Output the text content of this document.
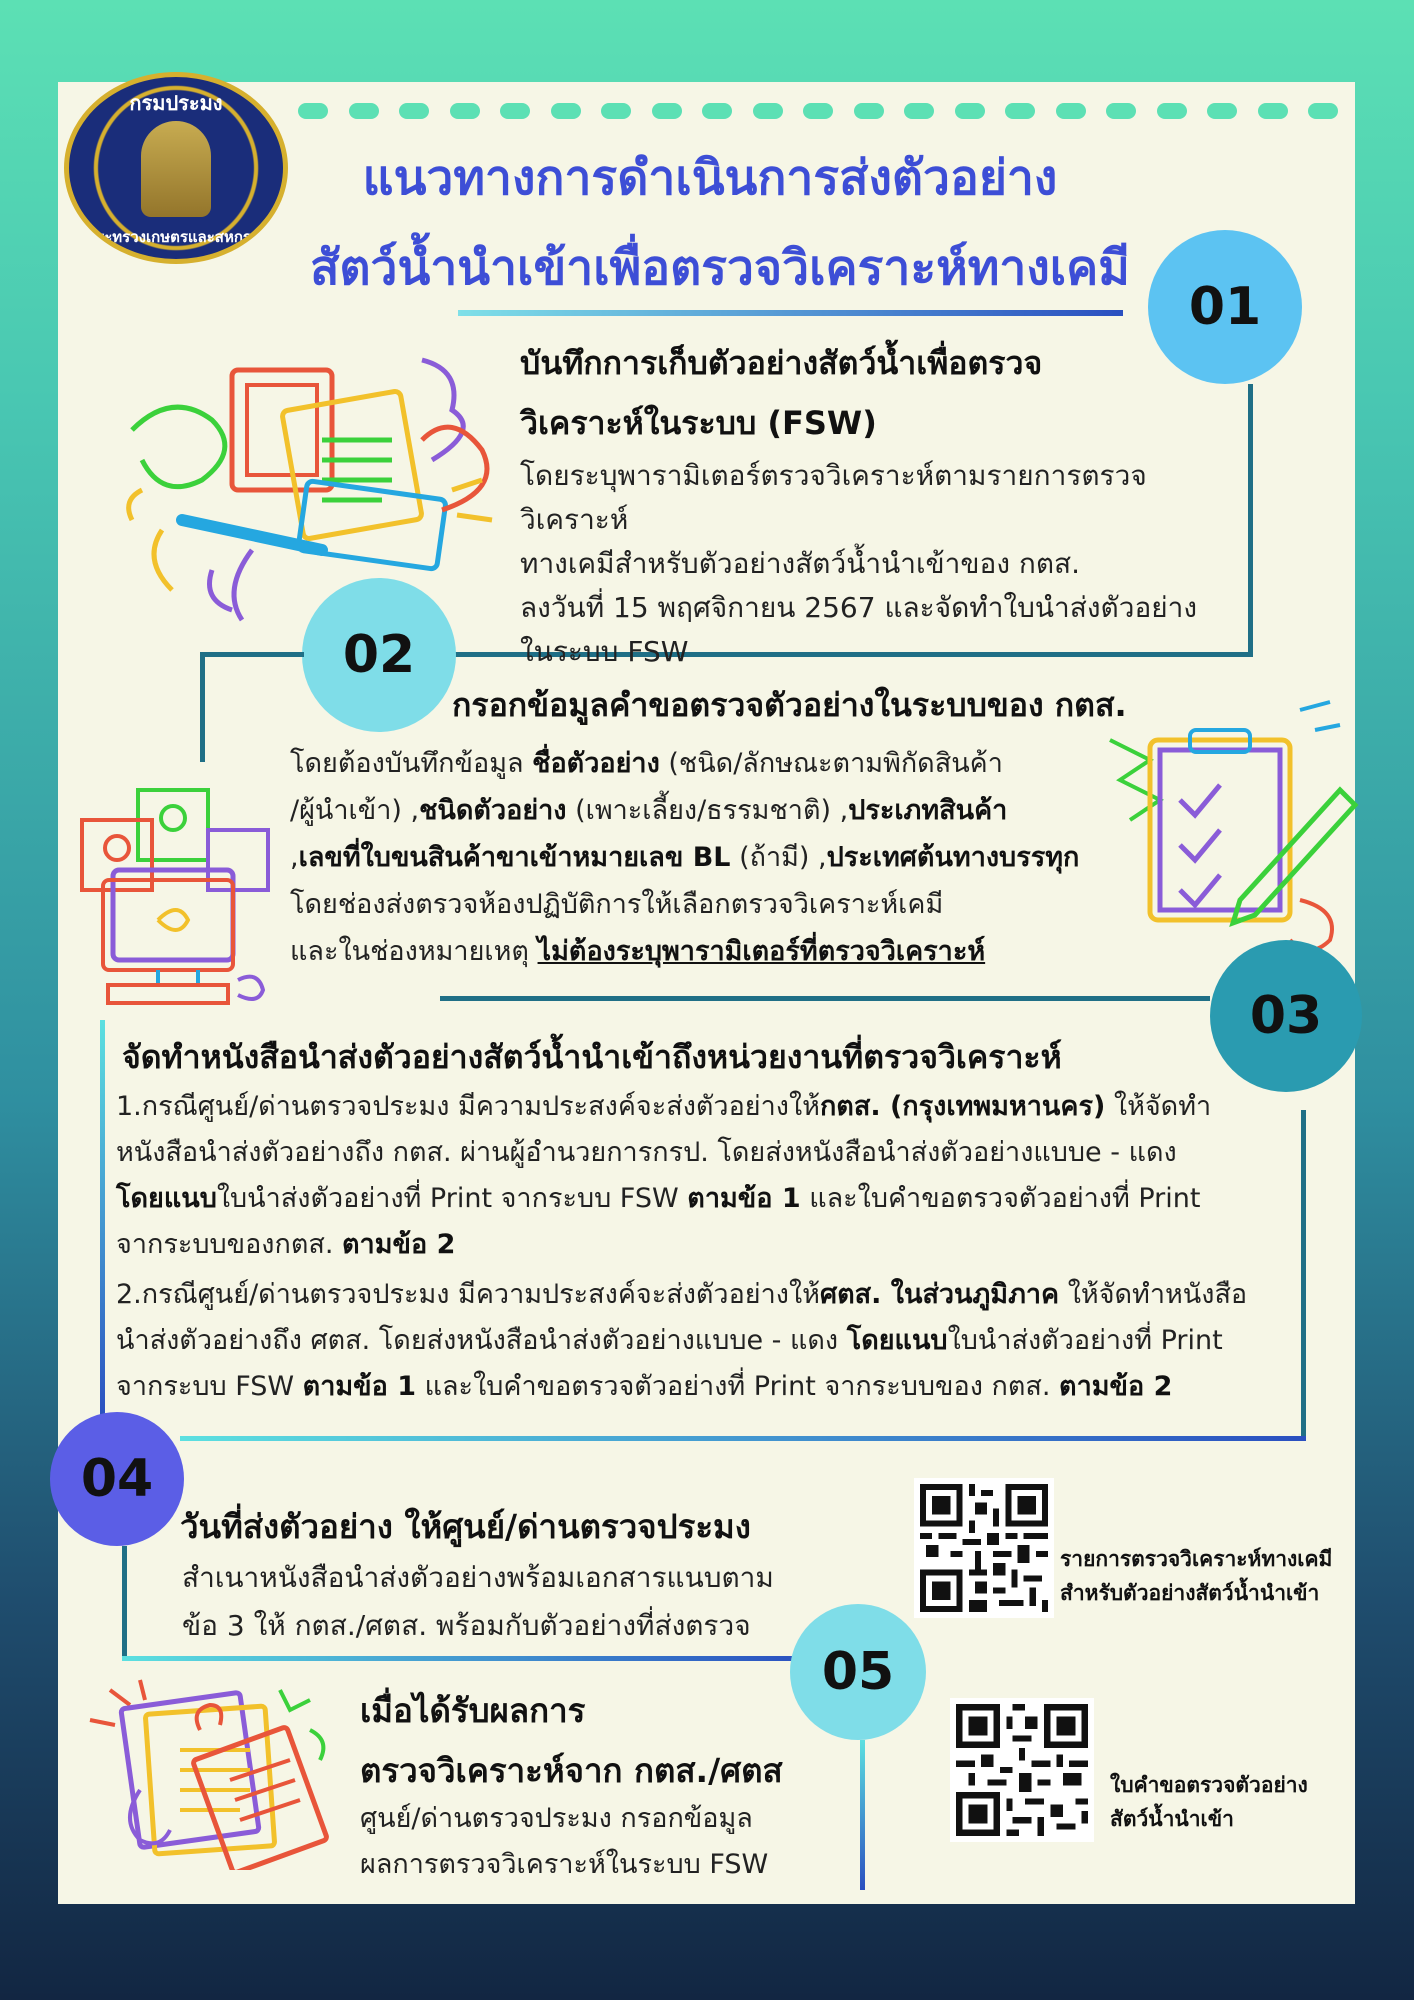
กรมประมง
กระทรวงเกษตรและสหกรณ์
แนวทางการดำเนินการส่งตัวอย่าง
สัตว์น้ำนำเข้าเพื่อตรวจวิเคราะห์ทางเคมี
01
บันทึกการเก็บตัวอย่างสัตว์น้ำเพื่อตรวจ
วิเคราะห์ในระบบ (FSW)
โดยระบุพารามิเตอร์ตรวจวิเคราะห์ตามรายการตรวจวิเคราะห์
ทางเคมีสำหรับตัวอย่างสัตว์น้ำนำเข้าของ กตส.
ลงวันที่ 15 พฤศจิกายน 2567 และจัดทำใบนำส่งตัวอย่าง
ในระบบ FSW
02
กรอกข้อมูลคำขอตรวจตัวอย่างในระบบของ กตส.
โดยต้องบันทึกข้อมูล ชื่อตัวอย่าง (ชนิด/ลักษณะตามพิกัดสินค้า
/ผู้นำเข้า) ,ชนิดตัวอย่าง (เพาะเลี้ยง/ธรรมชาติ) ,ประเภทสินค้า
,เลขที่ใบขนสินค้าขาเข้าหมายเลข BL (ถ้ามี) ,ประเทศต้นทางบรรทุก
โดยช่องส่งตรวจห้องปฏิบัติการให้เลือกตรวจวิเคราะห์เคมี
และในช่องหมายเหตุ ไม่ต้องระบุพารามิเตอร์ที่ตรวจวิเคราะห์
03
จัดทำหนังสือนำส่งตัวอย่างสัตว์น้ำนำเข้าถึงหน่วยงานที่ตรวจวิเคราะห์
1.กรณีศูนย์/ด่านตรวจประมง มีความประสงค์จะส่งตัวอย่างให้กตส. (กรุงเทพมหานคร) ให้จัดทำ
หนังสือนำส่งตัวอย่างถึง กตส. ผ่านผู้อำนวยการกรป. โดยส่งหนังสือนำส่งตัวอย่างแบบe - แดง
โดยแนบใบนำส่งตัวอย่างที่ Print จากระบบ FSW ตามข้อ 1 และใบคำขอตรวจตัวอย่างที่ Print
จากระบบของกตส. ตามข้อ 2
2.กรณีศูนย์/ด่านตรวจประมง มีความประสงค์จะส่งตัวอย่างให้ศตส. ในส่วนภูมิภาค ให้จัดทำหนังสือ
นำส่งตัวอย่างถึง ศตส. โดยส่งหนังสือนำส่งตัวอย่างแบบe - แดง โดยแนบใบนำส่งตัวอย่างที่ Print
จากระบบ FSW ตามข้อ 1 และใบคำขอตรวจตัวอย่างที่ Print จากระบบของ กตส. ตามข้อ 2
04
วันที่ส่งตัวอย่าง ให้ศูนย์/ด่านตรวจประมง
สำเนาหนังสือนำส่งตัวอย่างพร้อมเอกสารแนบตาม
ข้อ 3 ให้ กตส./ศตส. พร้อมกับตัวอย่างที่ส่งตรวจ
รายการตรวจวิเคราะห์ทางเคมี
สำหรับตัวอย่างสัตว์น้ำนำเข้า
05
เมื่อได้รับผลการ
ตรวจวิเคราะห์จาก กตส./ศตส
ศูนย์/ด่านตรวจประมง กรอกข้อมูล
ผลการตรวจวิเคราะห์ในระบบ FSW
ใบคำขอตรวจตัวอย่าง
สัตว์น้ำนำเข้า
